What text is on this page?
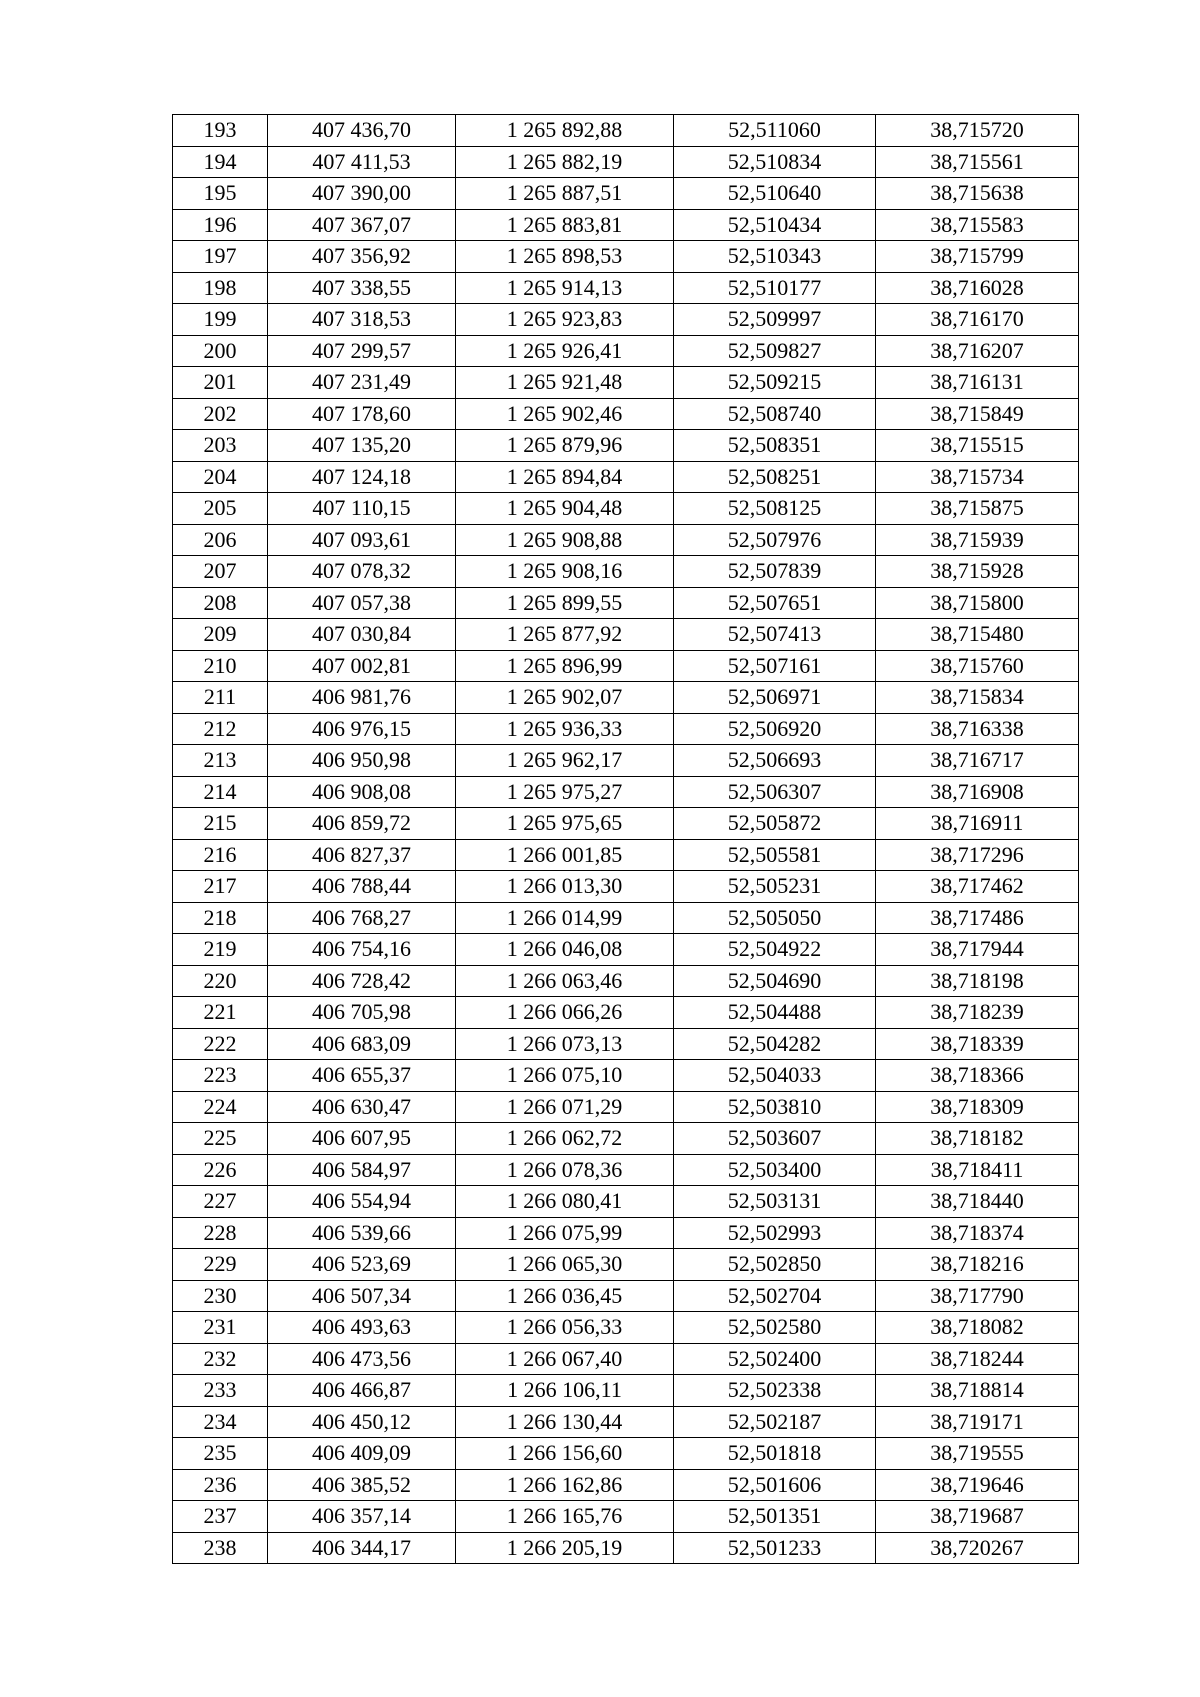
193	407 436,70	1 265 892,88	52,511060	38,715720
194	407 411,53	1 265 882,19	52,510834	38,715561
195	407 390,00	1 265 887,51	52,510640	38,715638
196	407 367,07	1 265 883,81	52,510434	38,715583
197	407 356,92	1 265 898,53	52,510343	38,715799
198	407 338,55	1 265 914,13	52,510177	38,716028
199	407 318,53	1 265 923,83	52,509997	38,716170
200	407 299,57	1 265 926,41	52,509827	38,716207
201	407 231,49	1 265 921,48	52,509215	38,716131
202	407 178,60	1 265 902,46	52,508740	38,715849
203	407 135,20	1 265 879,96	52,508351	38,715515
204	407 124,18	1 265 894,84	52,508251	38,715734
205	407 110,15	1 265 904,48	52,508125	38,715875
206	407 093,61	1 265 908,88	52,507976	38,715939
207	407 078,32	1 265 908,16	52,507839	38,715928
208	407 057,38	1 265 899,55	52,507651	38,715800
209	407 030,84	1 265 877,92	52,507413	38,715480
210	407 002,81	1 265 896,99	52,507161	38,715760
211	406 981,76	1 265 902,07	52,506971	38,715834
212	406 976,15	1 265 936,33	52,506920	38,716338
213	406 950,98	1 265 962,17	52,506693	38,716717
214	406 908,08	1 265 975,27	52,506307	38,716908
215	406 859,72	1 265 975,65	52,505872	38,716911
216	406 827,37	1 266 001,85	52,505581	38,717296
217	406 788,44	1 266 013,30	52,505231	38,717462
218	406 768,27	1 266 014,99	52,505050	38,717486
219	406 754,16	1 266 046,08	52,504922	38,717944
220	406 728,42	1 266 063,46	52,504690	38,718198
221	406 705,98	1 266 066,26	52,504488	38,718239
222	406 683,09	1 266 073,13	52,504282	38,718339
223	406 655,37	1 266 075,10	52,504033	38,718366
224	406 630,47	1 266 071,29	52,503810	38,718309
225	406 607,95	1 266 062,72	52,503607	38,718182
226	406 584,97	1 266 078,36	52,503400	38,718411
227	406 554,94	1 266 080,41	52,503131	38,718440
228	406 539,66	1 266 075,99	52,502993	38,718374
229	406 523,69	1 266 065,30	52,502850	38,718216
230	406 507,34	1 266 036,45	52,502704	38,717790
231	406 493,63	1 266 056,33	52,502580	38,718082
232	406 473,56	1 266 067,40	52,502400	38,718244
233	406 466,87	1 266 106,11	52,502338	38,718814
234	406 450,12	1 266 130,44	52,502187	38,719171
235	406 409,09	1 266 156,60	52,501818	38,719555
236	406 385,52	1 266 162,86	52,501606	38,719646
237	406 357,14	1 266 165,76	52,501351	38,719687
238	406 344,17	1 266 205,19	52,501233	38,720267
